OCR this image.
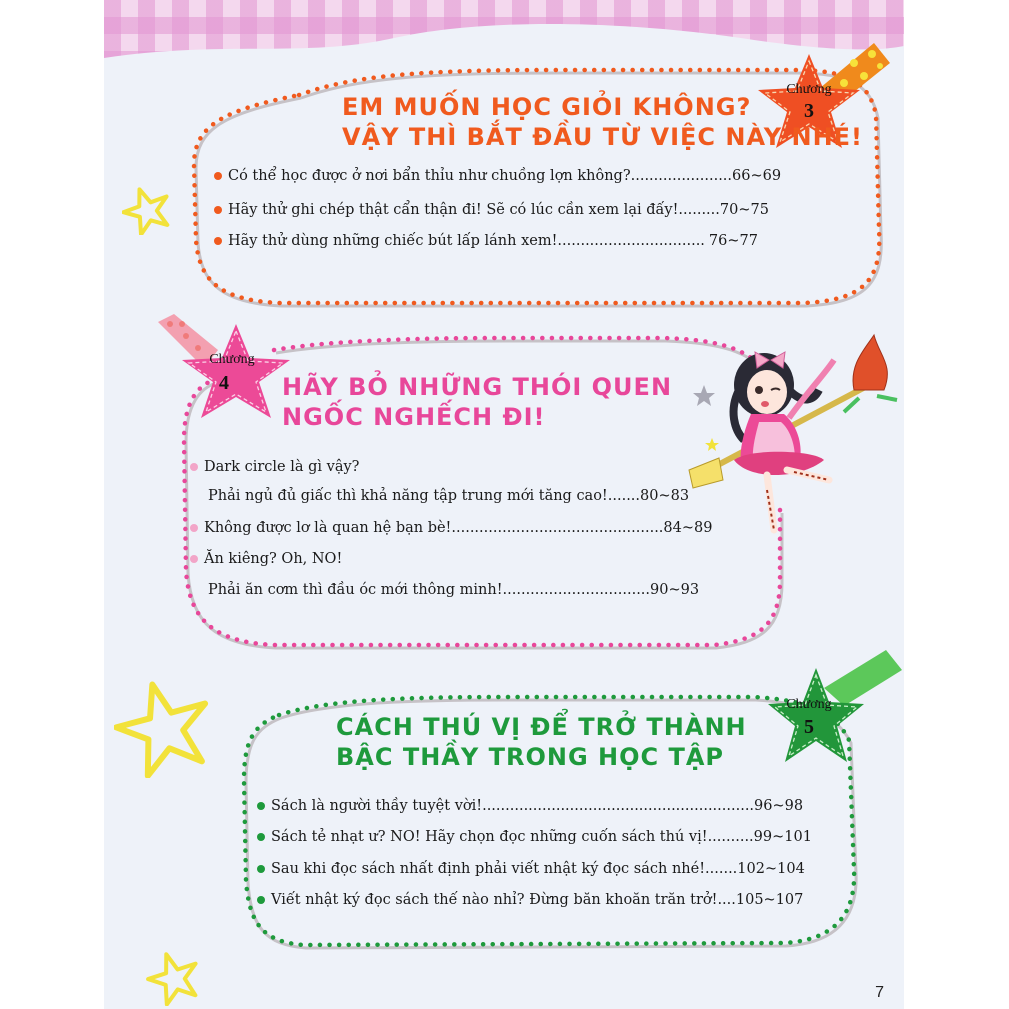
Chương
3
EM MUỐN HỌC GIỎI KHÔNG?
VẬY THÌ BẮT ĐẦU TỪ VIỆC NÀY NHÉ!
Có thể học được ở nơi bẩn thỉu như chuồng lợn không? ...................... 66~69
Hãy thử ghi chép thật cẩn thận đi! Sẽ có lúc cần xem lại đấy! ......... 70~75
Hãy thử dùng những chiếc bút lấp lánh xem! ................................ 76~77
Chương
4	HÃY BỎ NHỮNG THÓI QUEN
NGỐC NGHẾCH ĐI!
Dark circle là gì vậy?
Phải ngủ đủ giấc thì khả năng tập trung mới tăng cao! ....... 80~83
Không được lơ là quan hệ bạn bè! .............................................. 84~89
Ăn kiêng? Oh, NO!
Phải ăn cơm thì đầu óc mới thông minh! ................................ 90~93
Chương
5
CÁCH THÚ VỊ ĐỂ TRỞ THÀNH
BẬC THẦY TRONG HỌC TẬP
Sách là người thầy tuyệt vời! ........................................................... 96~98
Sách tẻ nhạt ư? NO! Hãy chọn đọc những cuốn sách thú vị! .......... 99~101
Sau khi đọc sách nhất định phải viết nhật ký đọc sách nhé! ....... 102~104
Viết nhật ký đọc sách thế nào nhỉ? Đừng băn khoăn trăn trở! .... 105~107
7
